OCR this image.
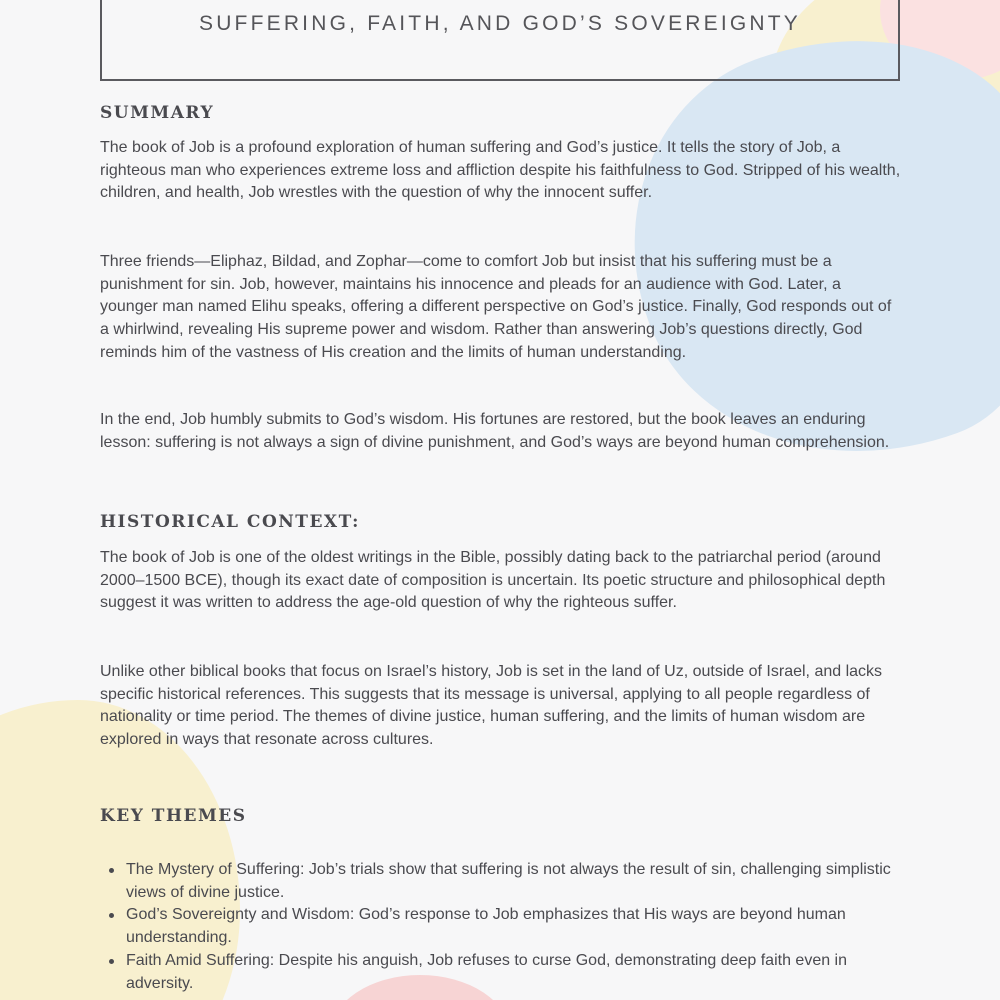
SUFFERING, FAITH, AND GOD’S SOVEREIGNTY
SUMMARY

The book of Job is a profound exploration of human suffering and God’s justice. It tells the story of Job, a righteous man who experiences extreme loss and affliction despite his faithfulness to God. Stripped of his wealth, children, and health, Job wrestles with the question of why the innocent suffer.

Three friends—Eliphaz, Bildad, and Zophar—come to comfort Job but insist that his suffering must be a punishment for sin. Job, however, maintains his innocence and pleads for an audience with God. Later, a younger man named Elihu speaks, offering a different perspective on God’s justice. Finally, God responds out of a whirlwind, revealing His supreme power and wisdom. Rather than answering Job’s questions directly, God reminds him of the vastness of His creation and the limits of human understanding.

In the end, Job humbly submits to God’s wisdom. His fortunes are restored, but the book leaves an enduring lesson: suffering is not always a sign of divine punishment, and God’s ways are beyond human comprehension.

HISTORICAL CONTEXT:

The book of Job is one of the oldest writings in the Bible, possibly dating back to the patriarchal period (around 2000–1500 BCE), though its exact date of composition is uncertain. Its poetic structure and philosophical depth suggest it was written to address the age-old question of why the righteous suffer.

Unlike other biblical books that focus on Israel’s history, Job is set in the land of Uz, outside of Israel, and lacks specific historical references. This suggests that its message is universal, applying to all people regardless of nationality or time period. The themes of divine justice, human suffering, and the limits of human wisdom are explored in ways that resonate across cultures.

KEY THEMES
The Mystery of Suffering: Job’s trials show that suffering is not always the result of sin, challenging simplistic views of divine justice.
God’s Sovereignty and Wisdom: God’s response to Job emphasizes that His ways are beyond human understanding.
Faith Amid Suffering: Despite his anguish, Job refuses to curse God, demonstrating deep faith even in adversity.
